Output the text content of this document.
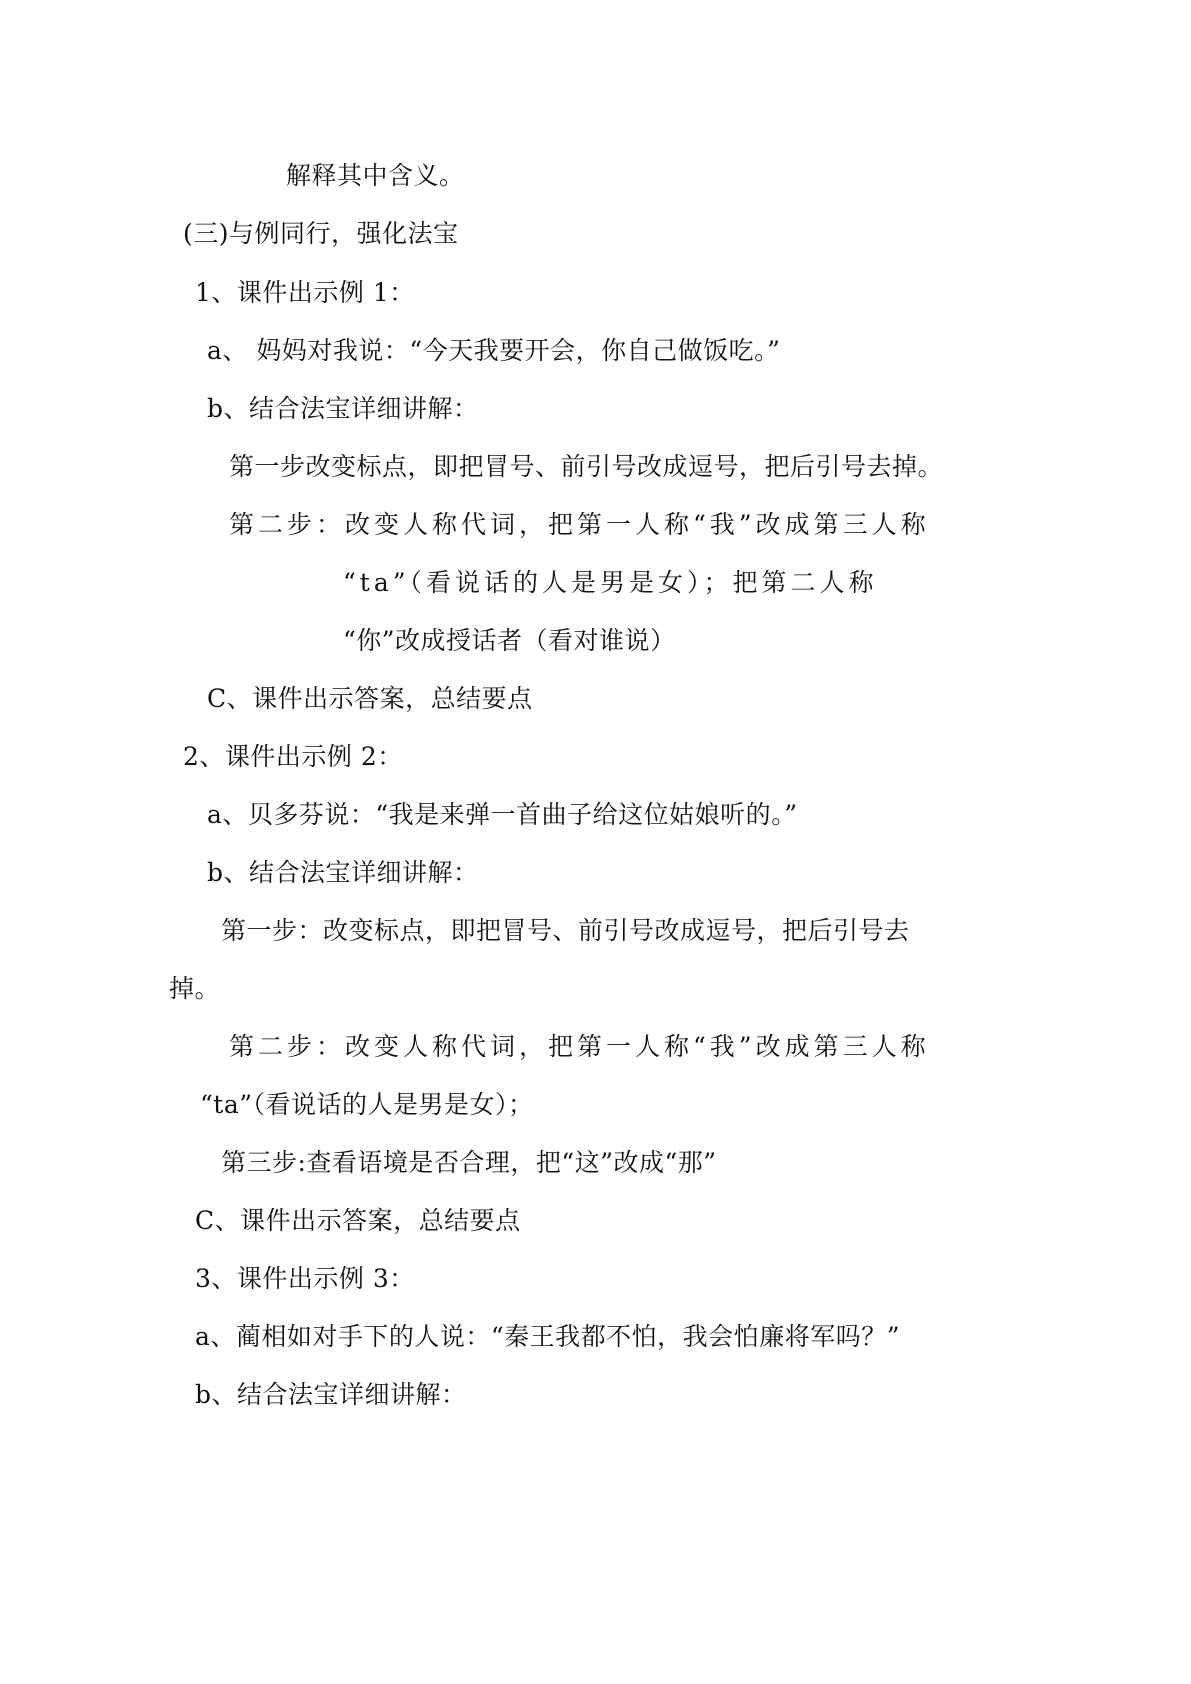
解释其中含义。
(三)与例同行，强化法宝
1、课件出示例 1：
a、 妈妈对我说：“今天我要开会，你自己做饭吃。”
b、结合法宝详细讲解：
第一步改变标点，即把冒号、前引号改成逗号，把后引号去掉。
第二步：改变人称代词，把第一人称“我”改成第三人称
“ta”（看说话的人是男是女）；把第二人称
“你”改成授话者（看对谁说）
C、课件出示答案，总结要点
2、课件出示例 2：
a、贝多芬说：“我是来弹一首曲子给这位姑娘听的。”
b、结合法宝详细讲解：
第一步：改变标点，即把冒号、前引号改成逗号，把后引号去
掉。
第二步：改变人称代词，把第一人称“我”改成第三人称
“ta”（看说话的人是男是女）；
第三步:查看语境是否合理，把“这”改成“那”
C、课件出示答案，总结要点
3、课件出示例 3：
a、蔺相如对手下的人说：“秦王我都不怕，我会怕廉将军吗？”
b、结合法宝详细讲解：
